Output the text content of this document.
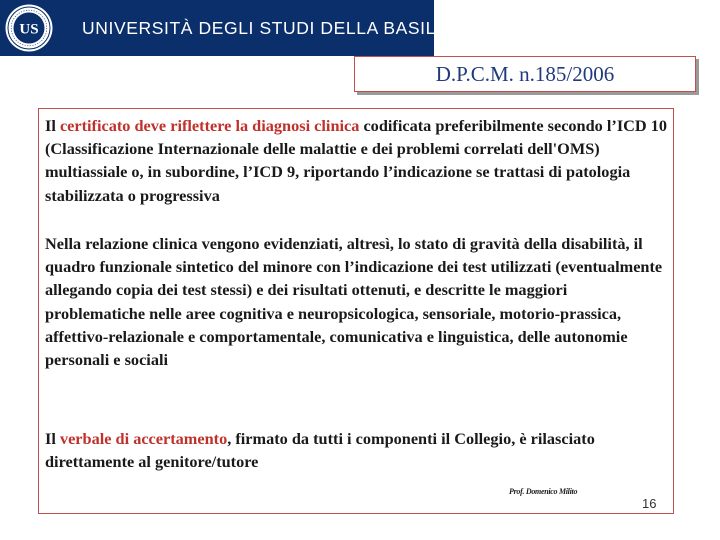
US UNIVERSITÀ DEGLI STUDI DELLA BASILICATA
D.P.C.M. n.185/2006

Il certificato deve riflettere la diagnosi clinica codificata preferibilmente secondo l’ICD 10 (Classificazione Internazionale delle malattie e dei problemi correlati dell'OMS) multiassiale o, in subordine, l’ICD 9, riportando l’indicazione se trattasi di patologia stabilizzata o progressiva

Nella relazione clinica vengono evidenziati, altresì, lo stato di gravità della disabilità, il quadro funzionale sintetico del minore con l’indicazione dei test utilizzati (eventualmente allegando copia dei test stessi) e dei risultati ottenuti, e descritte le maggiori problematiche nelle aree cognitiva e neuropsicologica, sensoriale, motorio-prassica, affettivo-relazionale e comportamentale, comunicativa e linguistica, delle autonomie personali e sociali

Il verbale di accertamento, firmato da tutti i componenti il Collegio, è rilasciato direttamente al genitore/tutore

Prof. Domenico Milito
16
